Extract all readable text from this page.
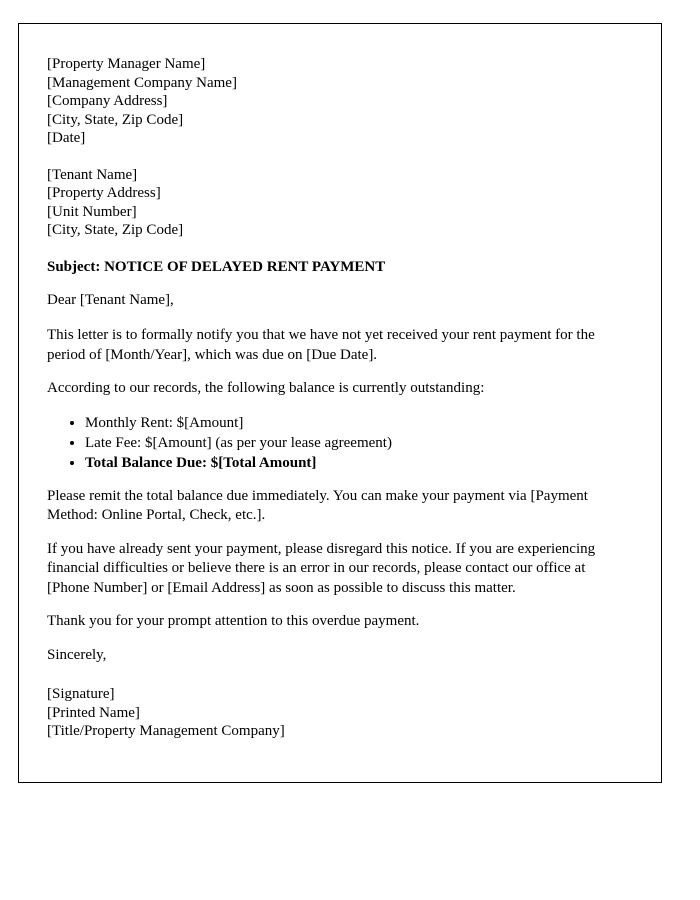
[Property Manager Name]
[Management Company Name]
[Company Address]
[City, State, Zip Code]
[Date]
[Tenant Name]
[Property Address]
[Unit Number]
[City, State, Zip Code]
Subject: NOTICE OF DELAYED RENT PAYMENT

Dear [Tenant Name],

This letter is to formally notify you that we have not yet received your rent payment for the period of [Month/Year], which was due on [Due Date].

According to our records, the following balance is currently outstanding:

• Monthly Rent: $[Amount]
• Late Fee: $[Amount] (as per your lease agreement)
• Total Balance Due: $[Total Amount]

Please remit the total balance due immediately. You can make your payment via [Payment Method: Online Portal, Check, etc.].

If you have already sent your payment, please disregard this notice. If you are experiencing financial difficulties or believe there is an error in our records, please contact our office at [Phone Number] or [Email Address] as soon as possible to discuss this matter.

Thank you for your prompt attention to this overdue payment.

Sincerely,

[Signature]
[Printed Name]
[Title/Property Management Company]
